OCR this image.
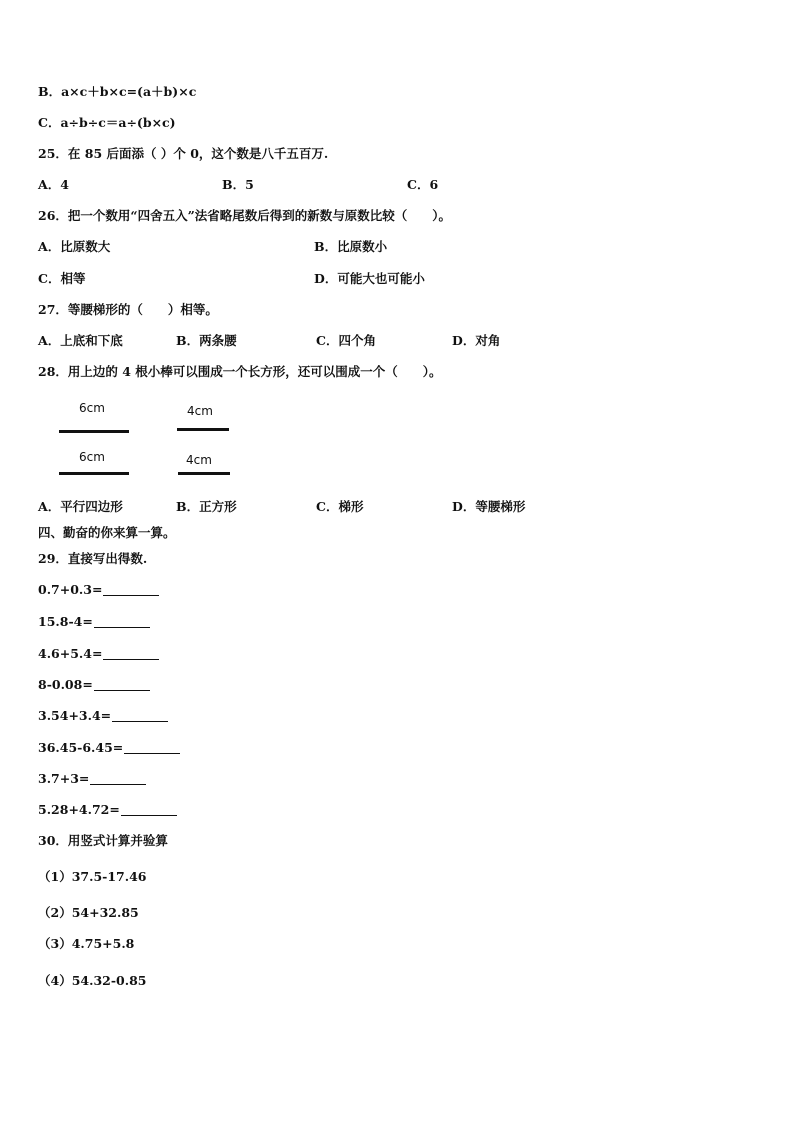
B．a×c＋b×c=(a＋b)×c
C．a÷b÷c＝a÷(b×c)
25．在 85 后面添（ ）个 0，这个数是八千五百万.
A．4	B．5	C．6
26．把一个数用“四舍五入”法省略尾数后得到的新数与原数比较（　　）。
A．比原数大	B．比原数小
C．相等	D．可能大也可能小
27．等腰梯形的（　　）相等。
A．上底和下底	B．两条腰	C．四个角	D．对角
28．用上边的 4 根小棒可以围成一个长方形，还可以围成一个（　　）。
6cm	4cm
6cm	4cm
A．平行四边形	B．正方形	C．梯形	D．等腰梯形
四、勤奋的你来算一算。
29．直接写出得数.
0.7+0.3=
15.8-4=
4.6+5.4=
8-0.08=
3.54+3.4=
36.45-6.45=
3.7+3=
5.28+4.72=
30．用竖式计算并验算
（1）37.5-17.46
（2）54+32.85
（3）4.75+5.8
（4）54.32-0.85
